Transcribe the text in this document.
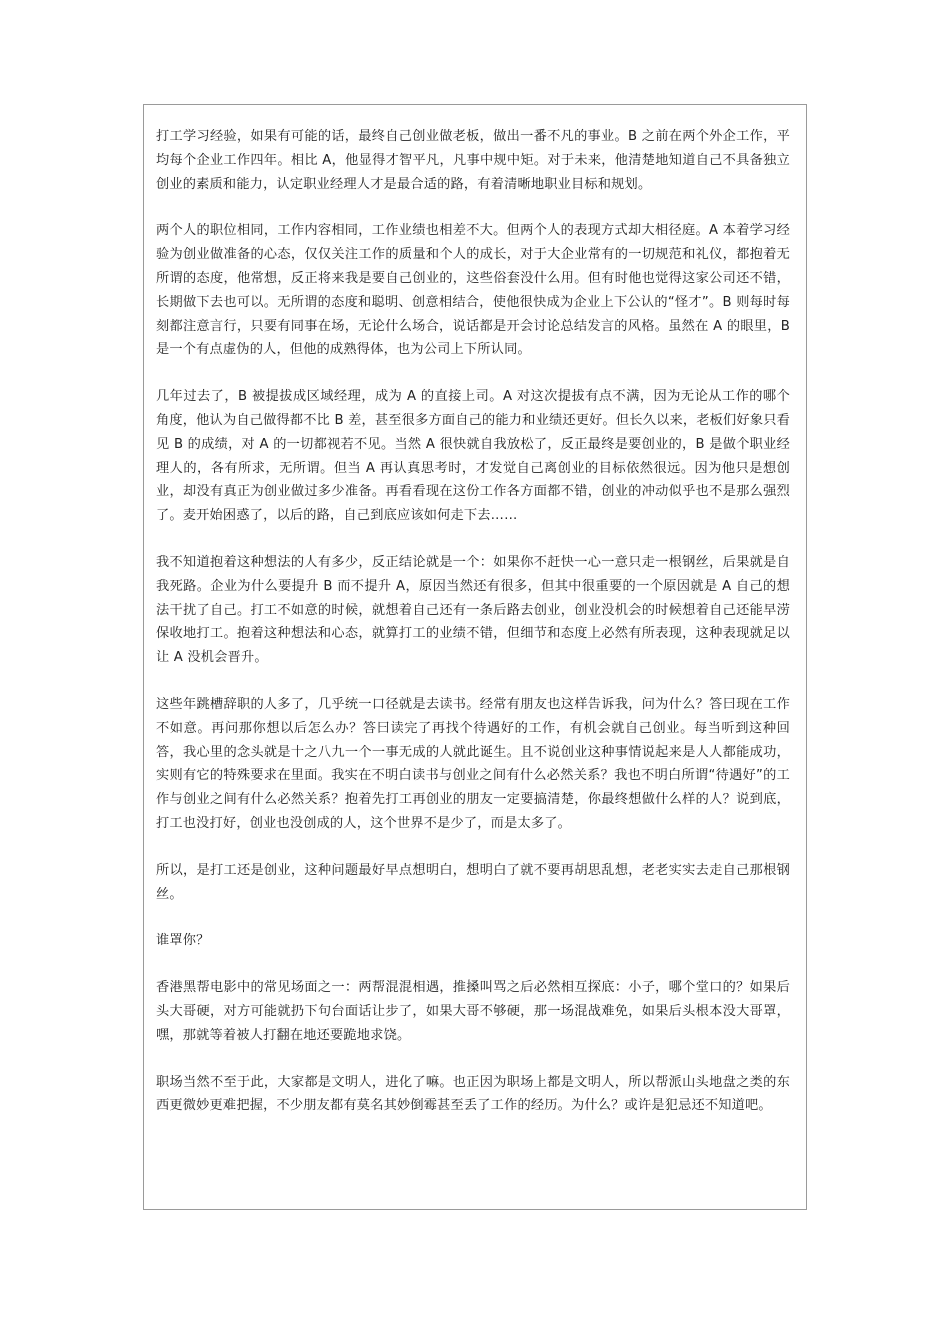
打工学习经验，如果有可能的话，最终自己创业做老板，做出一番不凡的事业。B 之前在两个外企工作，平均每个企业工作四年。相比 A，他显得才智平凡，凡事中规中矩。对于未来，他清楚地知道自己不具备独立创业的素质和能力，认定职业经理人才是最合适的路，有着清晰地职业目标和规划。

两个人的职位相同，工作内容相同，工作业绩也相差不大。但两个人的表现方式却大相径庭。A 本着学习经验为创业做准备的心态，仅仅关注工作的质量和个人的成长，对于大企业常有的一切规范和礼仪，都抱着无所谓的态度，他常想，反正将来我是要自己创业的，这些俗套没什么用。但有时他也觉得这家公司还不错，长期做下去也可以。无所谓的态度和聪明、创意相结合，使他很快成为企业上下公认的“怪才”。B 则每时每刻都注意言行，只要有同事在场，无论什么场合，说话都是开会讨论总结发言的风格。虽然在 A 的眼里，B 是一个有点虚伪的人，但他的成熟得体，也为公司上下所认同。

几年过去了，B 被提拔成区域经理，成为 A 的直接上司。A 对这次提拔有点不满，因为无论从工作的哪个角度，他认为自己做得都不比 B 差，甚至很多方面自己的能力和业绩还更好。但长久以来，老板们好象只看见 B 的成绩，对 A 的一切都视若不见。当然 A 很快就自我放松了，反正最终是要创业的，B 是做个职业经理人的，各有所求，无所谓。但当 A 再认真思考时，才发觉自己离创业的目标依然很远。因为他只是想创业，却没有真正为创业做过多少准备。再看看现在这份工作各方面都不错，创业的冲动似乎也不是那么强烈了。麦开始困惑了，以后的路，自己到底应该如何走下去……

我不知道抱着这种想法的人有多少，反正结论就是一个：如果你不赶快一心一意只走一根钢丝，后果就是自我死路。企业为什么要提升 B 而不提升 A，原因当然还有很多，但其中很重要的一个原因就是 A 自己的想法干扰了自己。打工不如意的时候，就想着自己还有一条后路去创业，创业没机会的时候想着自己还能早涝保收地打工。抱着这种想法和心态，就算打工的业绩不错，但细节和态度上必然有所表现，这种表现就足以让 A 没机会晋升。

这些年跳槽辞职的人多了，几乎统一口径就是去读书。经常有朋友也这样告诉我，问为什么？答曰现在工作不如意。再问那你想以后怎么办？答曰读完了再找个待遇好的工作，有机会就自己创业。每当听到这种回答，我心里的念头就是十之八九一个一事无成的人就此诞生。且不说创业这种事情说起来是人人都能成功，实则有它的特殊要求在里面。我实在不明白读书与创业之间有什么必然关系？我也不明白所谓“待遇好”的工作与创业之间有什么必然关系？抱着先打工再创业的朋友一定要搞清楚，你最终想做什么样的人？说到底，打工也没打好，创业也没创成的人，这个世界不是少了，而是太多了。

所以，是打工还是创业，这种问题最好早点想明白，想明白了就不要再胡思乱想，老老实实去走自己那根钢丝。

谁罩你？

香港黑帮电影中的常见场面之一：两帮混混相遇，推搡叫骂之后必然相互探底：小子，哪个堂口的？如果后头大哥硬，对方可能就扔下句台面话让步了，如果大哥不够硬，那一场混战难免，如果后头根本没大哥罩，嘿，那就等着被人打翻在地还要跪地求饶。

职场当然不至于此，大家都是文明人，进化了嘛。也正因为职场上都是文明人，所以帮派山头地盘之类的东西更微妙更难把握，不少朋友都有莫名其妙倒霉甚至丢了工作的经历。为什么？或许是犯忌还不知道吧。
